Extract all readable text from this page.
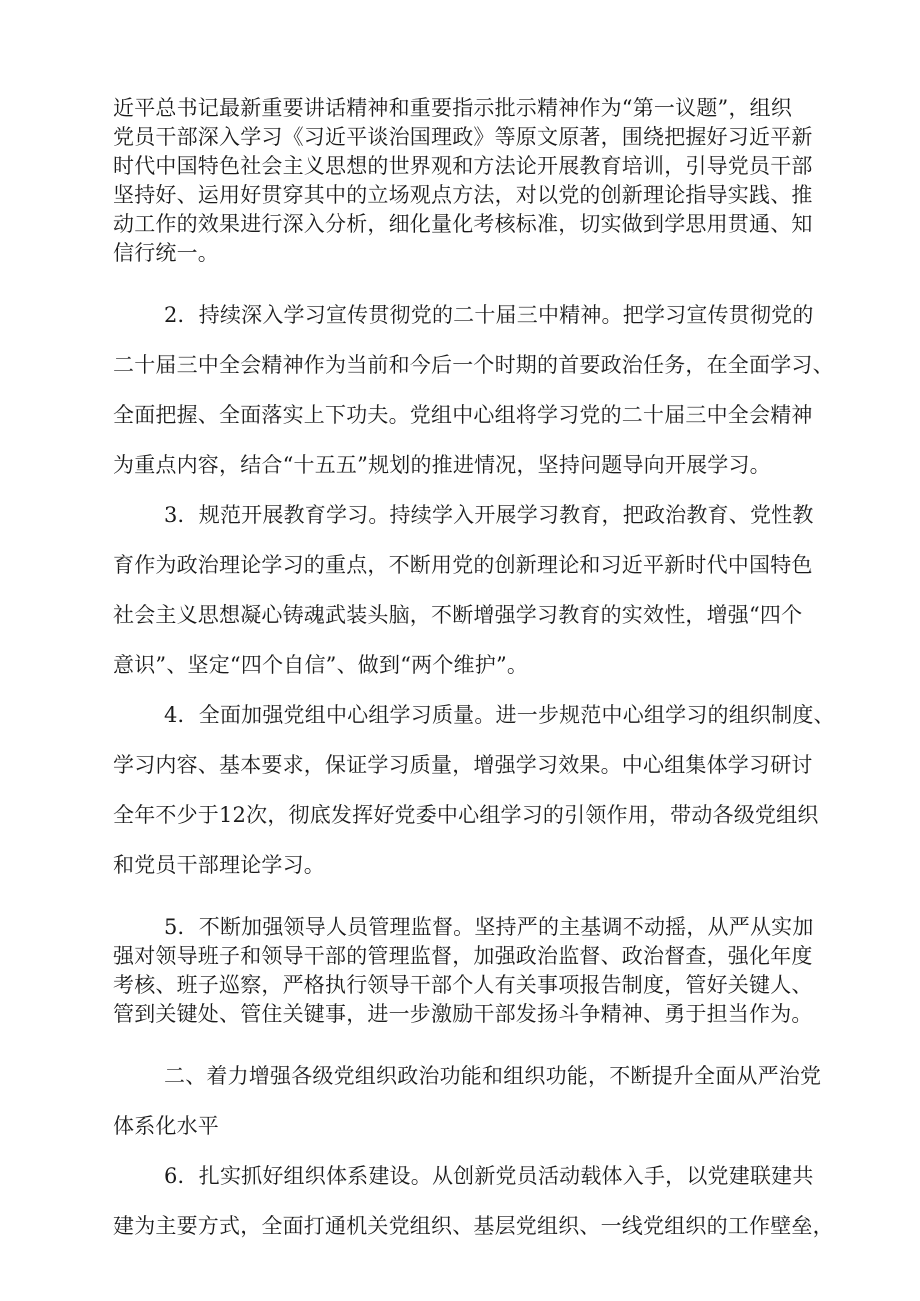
近平总书记最新重要讲话精神和重要指示批示精神作为“第一议题”，组织

党员干部深入学习《习近平谈治国理政》等原文原著，围绕把握好习近平新

时代中国特色社会主义思想的世界观和方法论开展教育培训，引导党员干部

坚持好、运用好贯穿其中的立场观点方法，对以党的创新理论指导实践、推

动工作的效果进行深入分析，细化量化考核标准，切实做到学思用贯通、知

信行统一。

2．持续深入学习宣传贯彻党的二十届三中精神。把学习宣传贯彻党的

二十届三中全会精神作为当前和今后一个时期的首要政治任务，在全面学习、

全面把握、全面落实上下功夫。党组中心组将学习党的二十届三中全会精神

为重点内容，结合“十五五”规划的推进情况，坚持问题导向开展学习。

3．规范开展教育学习。持续学入开展学习教育，把政治教育、党性教

育作为政治理论学习的重点，不断用党的创新理论和习近平新时代中国特色

社会主义思想凝心铸魂武装头脑，不断增强学习教育的实效性，增强“四个

意识”、坚定“四个自信”、做到“两个维护”。

4．全面加强党组中心组学习质量。进一步规范中心组学习的组织制度、

学习内容、基本要求，保证学习质量，增强学习效果。中心组集体学习研讨

全年不少于12次，彻底发挥好党委中心组学习的引领作用，带动各级党组织

和党员干部理论学习。

5．不断加强领导人员管理监督。坚持严的主基调不动摇，从严从实加

强对领导班子和领导干部的管理监督，加强政治监督、政治督查，强化年度

考核、班子巡察，严格执行领导干部个人有关事项报告制度，管好关键人、

管到关键处、管住关键事，进一步激励干部发扬斗争精神、勇于担当作为。

二、着力增强各级党组织政治功能和组织功能，不断提升全面从严治党

体系化水平

6．扎实抓好组织体系建设。从创新党员活动载体入手，以党建联建共

建为主要方式，全面打通机关党组织、基层党组织、一线党组织的工作壁垒，
